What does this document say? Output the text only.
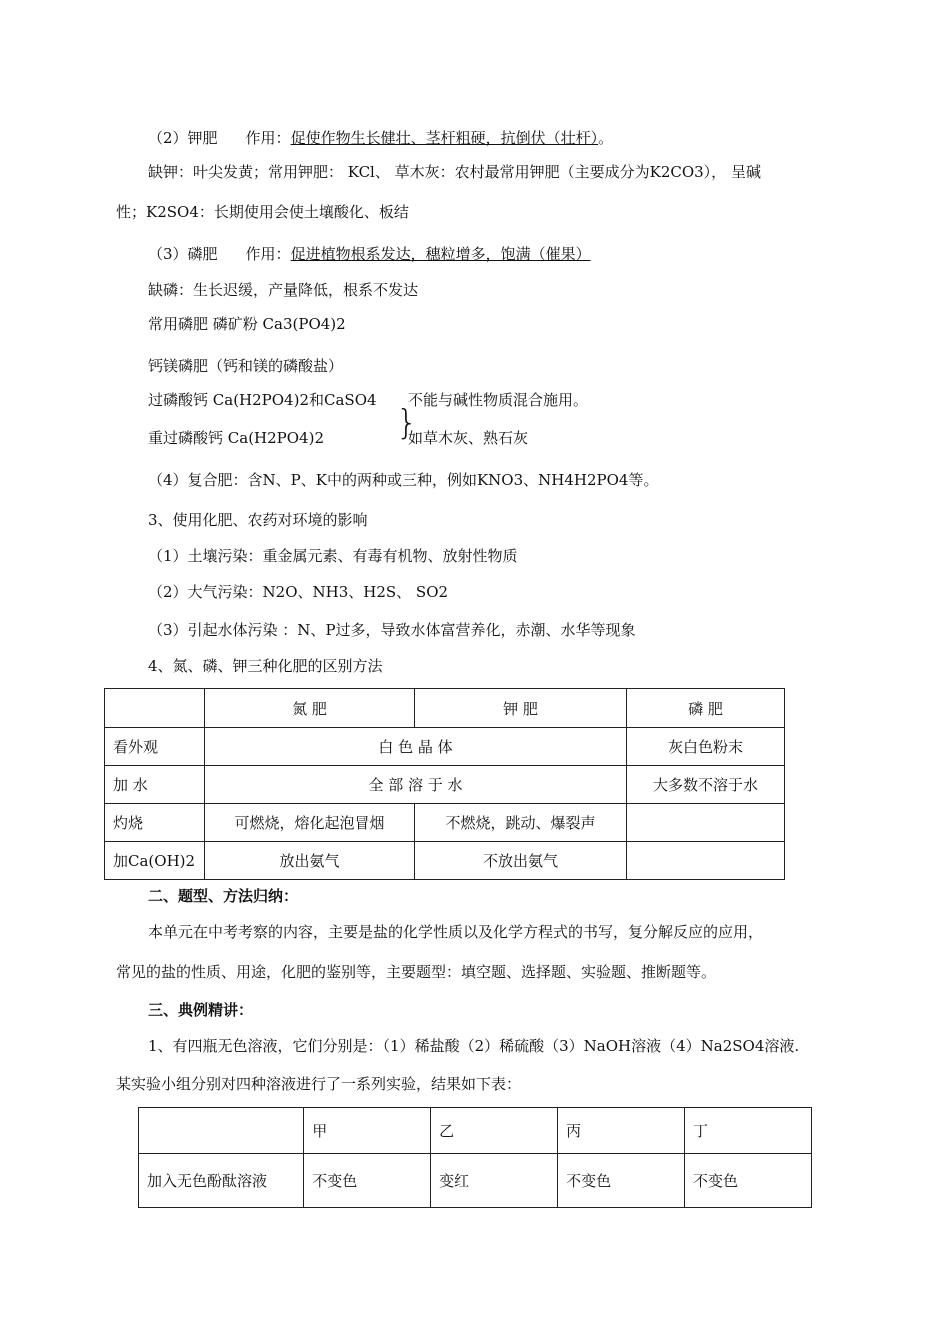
（2）钾肥 作用：促使作物生长健壮、茎杆粗硬，抗倒伏（壮杆）。
缺钾：叶尖发黄；常用钾肥： KCl、 草木灰：农村最常用钾肥（主要成分为K2CO3）， 呈碱
性；K2SO4：长期使用会使土壤酸化、板结
（3）磷肥 作用：促进植物根系发达，穗粒增多，饱满（催果）
缺磷：生长迟缓，产量降低，根系不发达
常用磷肥 磷矿粉 Ca3(PO4)2
钙镁磷肥（钙和镁的磷酸盐）
过磷酸钙 Ca(H2PO4)2和CaSO4
重过磷酸钙 Ca(H2PO4)2 }
不能与碱性物质混合施用。
如草木灰、熟石灰
（4）复合肥：含N、P、K中的两种或三种，例如KNO3、NH4H2PO4等。
3、使用化肥、农药对环境的影响
（1）土壤污染：重金属元素、有毒有机物、放射性物质
（2）大气污染：N2O、NH3、H2S、 SO2
（3）引起水体污染 ：N、P过多，导致水体富营养化，赤潮、水华等现象
4、氮、磷、钾三种化肥的区别方法
	氮 肥	钾 肥	磷 肥
看外观	白 色 晶 体		灰白色粉末
加 水	全 部 溶 于 水		大多数不溶于水
灼烧	可燃烧，熔化起泡冒烟	不燃烧，跳动、爆裂声	
加Ca(OH)2	放出氨气	不放出氨气	
二、题型、方法归纳：
本单元在中考考察的内容，主要是盐的化学性质以及化学方程式的书写，复分解反应的应用，
常见的盐的性质、用途，化肥的鉴别等，主要题型：填空题、选择题、实验题、推断题等。
三、典例精讲：
1、有四瓶无色溶液，它们分别是：（1）稀盐酸（2）稀硫酸（3）NaOH溶液（4）Na2SO4溶液.
某实验小组分别对四种溶液进行了一系列实验，结果如下表：
	甲	乙	丙	丁
加入无色酚酞溶液	不变色	变红	不变色	不变色
